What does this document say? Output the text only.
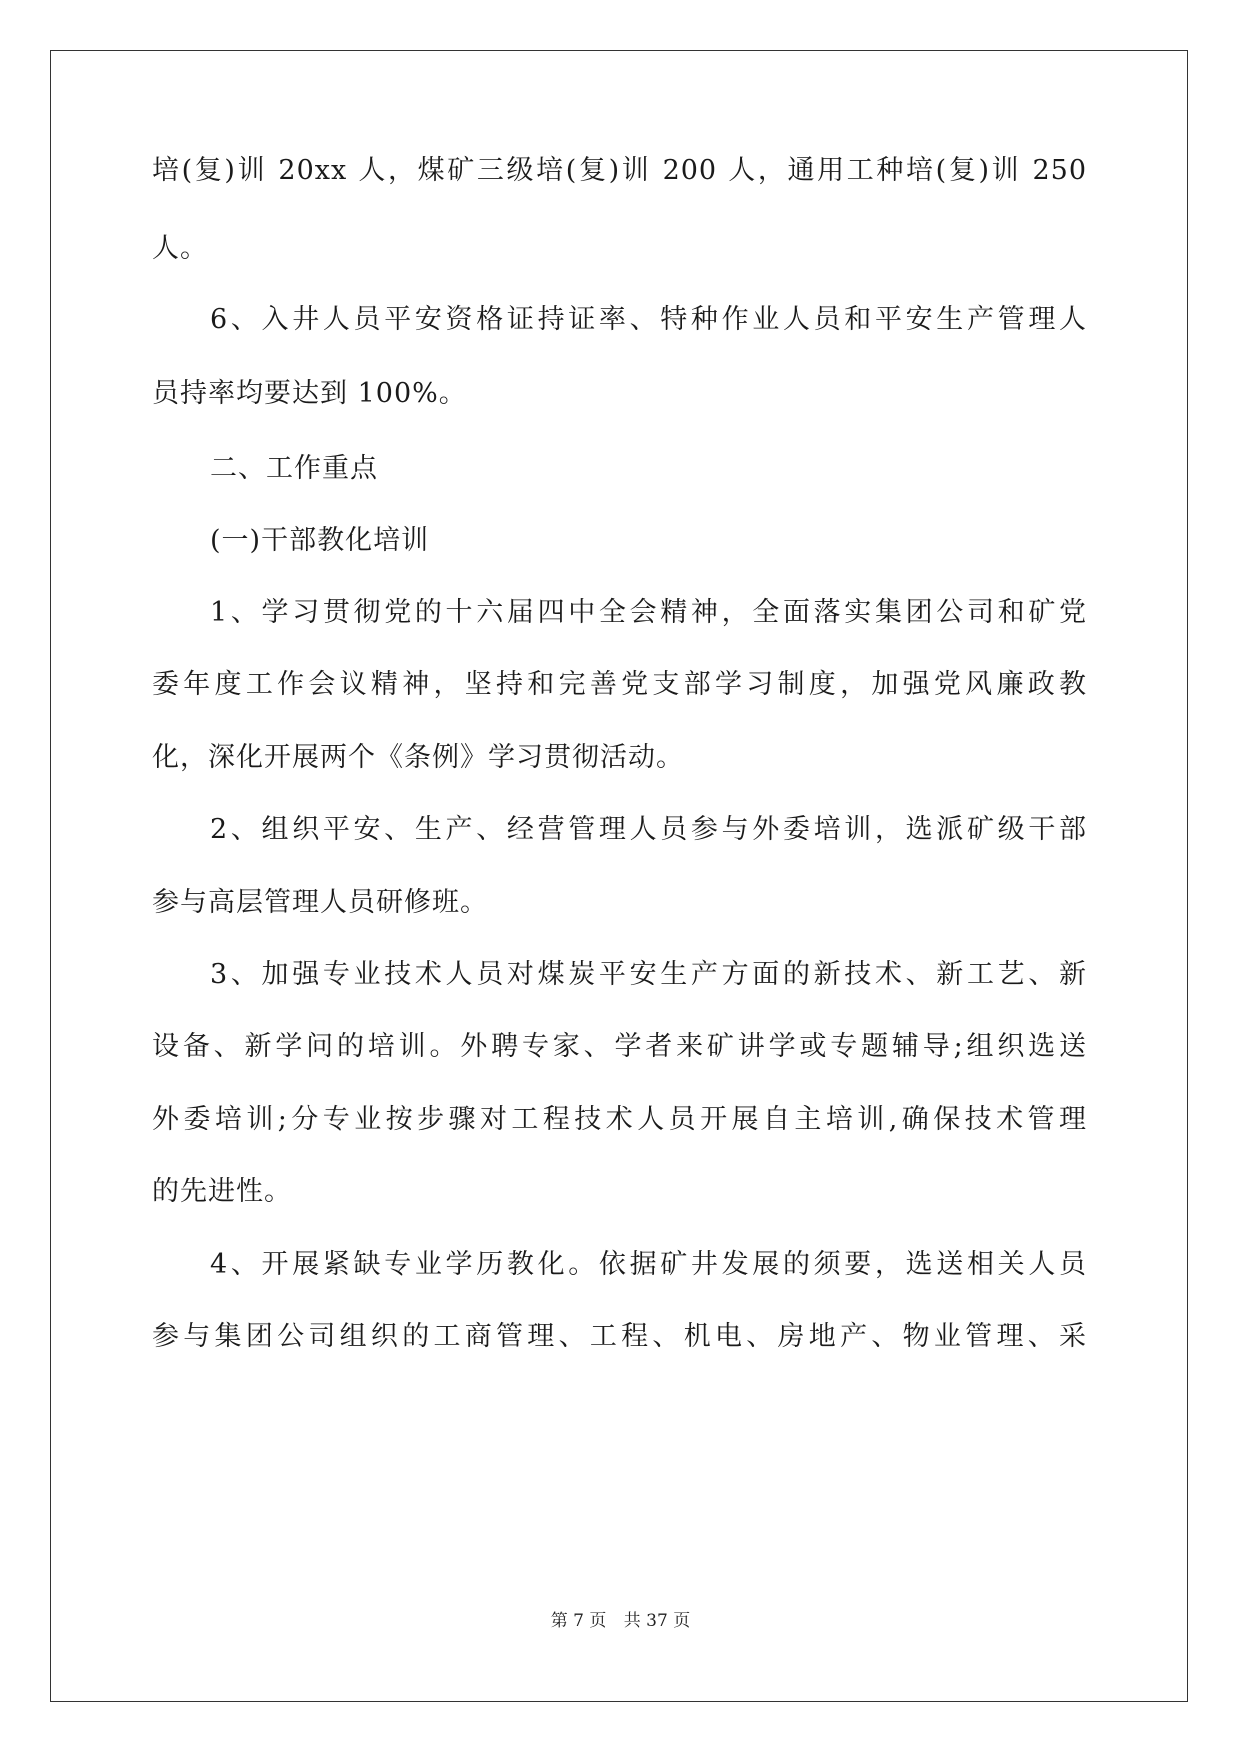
培(复)训 20xx 人，煤矿三级培(复)训 200 人，通用工种培(复)训 250
人。
6、入井人员平安资格证持证率、特种作业人员和平安生产管理人
员持率均要达到 100%。
二、工作重点
(一)干部教化培训
1、学习贯彻党的十六届四中全会精神，全面落实集团公司和矿党
委年度工作会议精神，坚持和完善党支部学习制度，加强党风廉政教
化，深化开展两个《条例》学习贯彻活动。
2、组织平安、生产、经营管理人员参与外委培训，选派矿级干部
参与高层管理人员研修班。
3、加强专业技术人员对煤炭平安生产方面的新技术、新工艺、新
设备、新学问的培训。外聘专家、学者来矿讲学或专题辅导;组织选送
外委培训;分专业按步骤对工程技术人员开展自主培训,确保技术管理
的先进性。
4、开展紧缺专业学历教化。依据矿井发展的须要，选送相关人员
参与集团公司组织的工商管理、工程、机电、房地产、物业管理、采
第 7 页 共 37 页
